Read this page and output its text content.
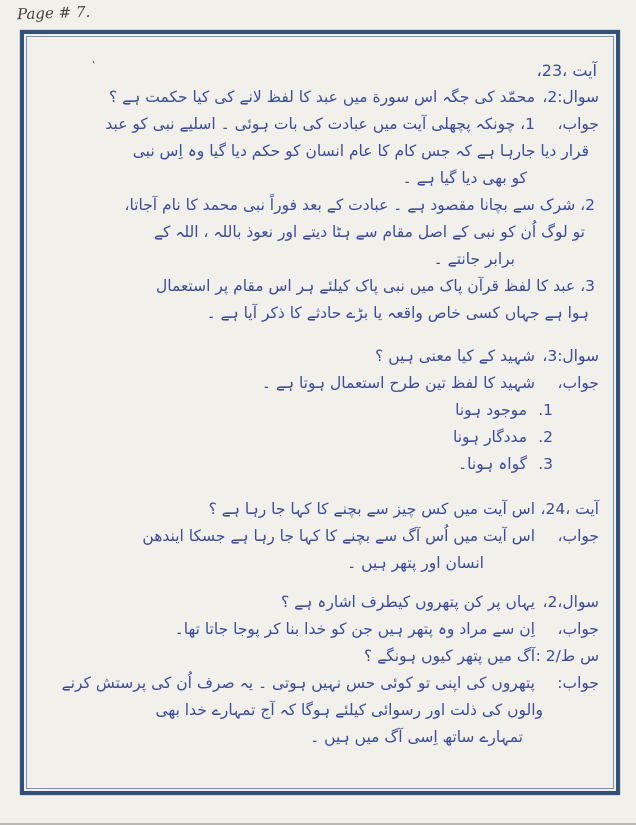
Page # 7.
‵	آیت ،23،
سوال:2،محمّد کی جگہ اس سورة میں عبد کا لفظ لانے کی کیا حکمت ہے ؟
جواب،1، چونکہ پچھلی آیت میں عبادت کی بات ہوئی ۔ اسلیے نبی کو عبد
قرار دیا جارہا ہے کہ جس کام کا عام انسان کو حکم دیا گیا وہ اِس نبی
کو بھی دیا گیا ہے ۔
2، شرک سے بچانا مقصود ہے ۔ عبادت کے بعد فوراً نبی محمد کا نام آجاتا،
تو لوگ اُن کو نبی کے اصل مقام سے ہٹا دیتے اور نعوذ باللہ ، اللہ کے
برابر جانتے ۔
3، عبد کا لفظ قرآن پاک میں نبی پاک کیلئے ہر اس مقام پر استعمال
ہوا ہے جہاں کسی خاص واقعہ یا بڑے حادثے کا ذکر آیا ہے ۔
سوال:3،شہید کے کیا معنی ہیں ؟
جواب،شہید کا لفظ تین طرح استعمال ہوتا ہے ۔
1.موجود ہونا
2.مددگار ہونا
3.گواہ ہونا۔
آیت ،24،اس آیت میں کس چیز سے بچنے کا کہا جا رہا ہے ؟
جواب،اس آیت میں اُس آگ سے بچنے کا کہا جا رہا ہے جسکا ایندھن
انسان اور پتھر ہیں ۔
سوال،2،یہاں پر کن پتھروں کیطرف اشارہ ہے ؟
جواب،اِن سے مراد وہ پتھر ہیں جن کو خدا بنا کر پوجا جاتا تھا۔
س ط/2 :آگ میں پتھر کیوں ہونگے ؟
جواب:پتھروں کی اپنی تو کوئی حس نہیں ہوتی ۔ یہ صرف اُن کی پرستش کرنے
والوں کی ذلت اور رسوائی کیلئے ہوگا کہ آج تمہارے خدا بھی
تمہارے ساتھ اِسی آگ میں ہیں ۔
